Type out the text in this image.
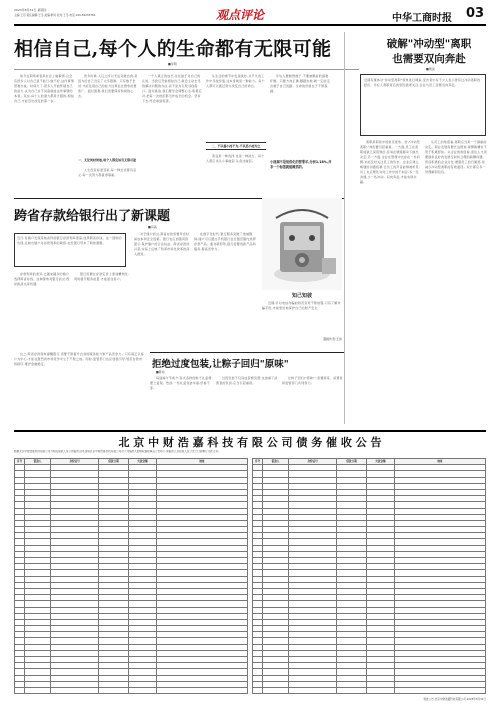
2023年8月31日 星期四
主编:王丹 责任编辑:王冬 美编:耿凤 校对:王冬 电话:010-59233761	观点评论	中华工商时报 03
相信自己,每个人的生命都有无限可能
■李明
如今在职场或者是社会上做事情,总会有很多人对自己说不能行,做不好,这件事情很难办成。时间久了,很多人开始怀疑自己的能力,认为自己并不具备做成这件事情的本领。其实,每个人的潜力都是无限的,相信自己,才能迈出改变的第一步。
很多时候,人们之所以无法突破自我,是因为给自己设定了太多限制。只有敢于尝试,才能发现自己的能力边界远比想象的更宽广。面对困难,我们需要保持积极的心态。
一、无论何时何地,每个人都应该有无限可能
人生没有标准答案,每一种尝试都有意义,每一次努力都值得尊重。
一个人真正的成长,往往始于对自己的认知。当我们开始相信自己,就会主动去寻找解决问题的办法,而不是为失败寻找借口。面对挑战,我们要学会调整心态,积极应对,把每一次挫折都当作成长的机会。坚持下去,终会看到希望。
从生活的细节中发现美好,从平凡的工作中寻找价值,这本身就是一种能力。每个人都可以通过努力改变自己的命运。
二、不以善小而不为,不以恶小而为之
善良是一种选择,也是一种能力。每个人都应该从小事做起,从身边做起。
年轻人要敢想敢干,不要被眼前的困难吓倒。只要方向正确,脚踏实地,就一定能走出属于自己的路。生命的价值在于不断超越。
小视频不是低俗化的替罪羊,分析1.18%,并非一个标签就能概括的。
破解"冲动型"离职
也需要双向奔赴
■周昊
近期有媒体对"冲动型离职"现象进行调查,受访者中有不少人表示曾有过冲动离职的经历。年轻人离职背后的原因值得关注,企业与员工需要双向奔赴。
离职是职场中的常见现象。但\"冲动型离职\"却需要引起重视。一方面,员工在离职前缺乏深思熟虑,容易在情绪驱动下做出决定;另一方面,企业在管理中也存在一些问题,未能及时关注员工的诉求。企业应建立畅通的沟通机制,让员工的声音能够被听见;员工也应理性对待工作中的不如意,多一些沟通,少一些冲动。双向奔赴,才能实现共赢。
从员工的角度看,离职应当是一个慎重的决定。职业发展需要长远规划,频繁跳槽并不利于积累经验。从企业的角度看,留住人才需要提供良好的发展空间和合理的薪酬待遇。营造积极的企业文化,增强员工的归属感,是减少冲动型离职的有效途径。双方都应多一份理解和包容。
跨省存款给银行出了新课题
■冯茜
近日,有储户发现其他省份的银行存款利率更高,选择跨省存钱。这一现象的出现,反映出储户对存款利率的敏感,也给银行带来了新的课题。
存款利率的差异,让越来越多的储户选择跨省存钱。这种现象对银行而言,既是挑战也是机遇。
银行需要在存款定价上更加精细化,同时提升服务质量,才能留住客户。
对于储户而言,跨省存款需要考虑时间成本和安全因素。银行也应加强风险提示,保护储户的合法权益。跨省存款的兴起,实际上反映了利率市场化改革的深入推进。
在数字化时代,银行服务突破了地域限制,储户可以通过手机银行在全国范围内选择存款产品。面对新形势,银行需要创新产品和服务,提高竞争力。
知己知彼
近期,针对电信诈骗的防范宣传不断加强,只有了解诈骗手段,才能更好地保护自己的财产安全。
漫画作者:王伟
拒绝过度包装,让粽子回归"原味"
■陈东
每逢端午节前夕,各式各样的粽子礼盒便摆上货架。然而,一些礼盒包装华丽,价格不菲。
过度包装不仅造成资源浪费,也加重了消费者的负担,应当引起重视。
让粽子回归\"原味\",需要商家、消费者和监管部门共同努力。
总之,跨省存款现象提醒银行,需要不断提升自身的服务能力和产品竞争力。只有真正以客户为中心,才能在激烈的市场竞争中立于不败之地。同时,监管部门也应加强引导,规范存款市场秩序,维护金融稳定。
北 京 中 财 浩 嘉 科 技 有 限 公 司 债 务 催 收 公 告
根据北京中财浩嘉科技有限公司与相关借款人签订的借款合同,现将北京中财浩嘉科技有限公司对下列借款人的债权催收事宜公告如下,请借款人及担保人在公告之日起履行还款义务。
序号	借款人	身份证号	借款日期	欠款金额	地址

						序号	借款人	身份证号	借款日期	欠款金额	地址

特此公告 北京中财浩嘉科技有限公司 2023年8月31日
